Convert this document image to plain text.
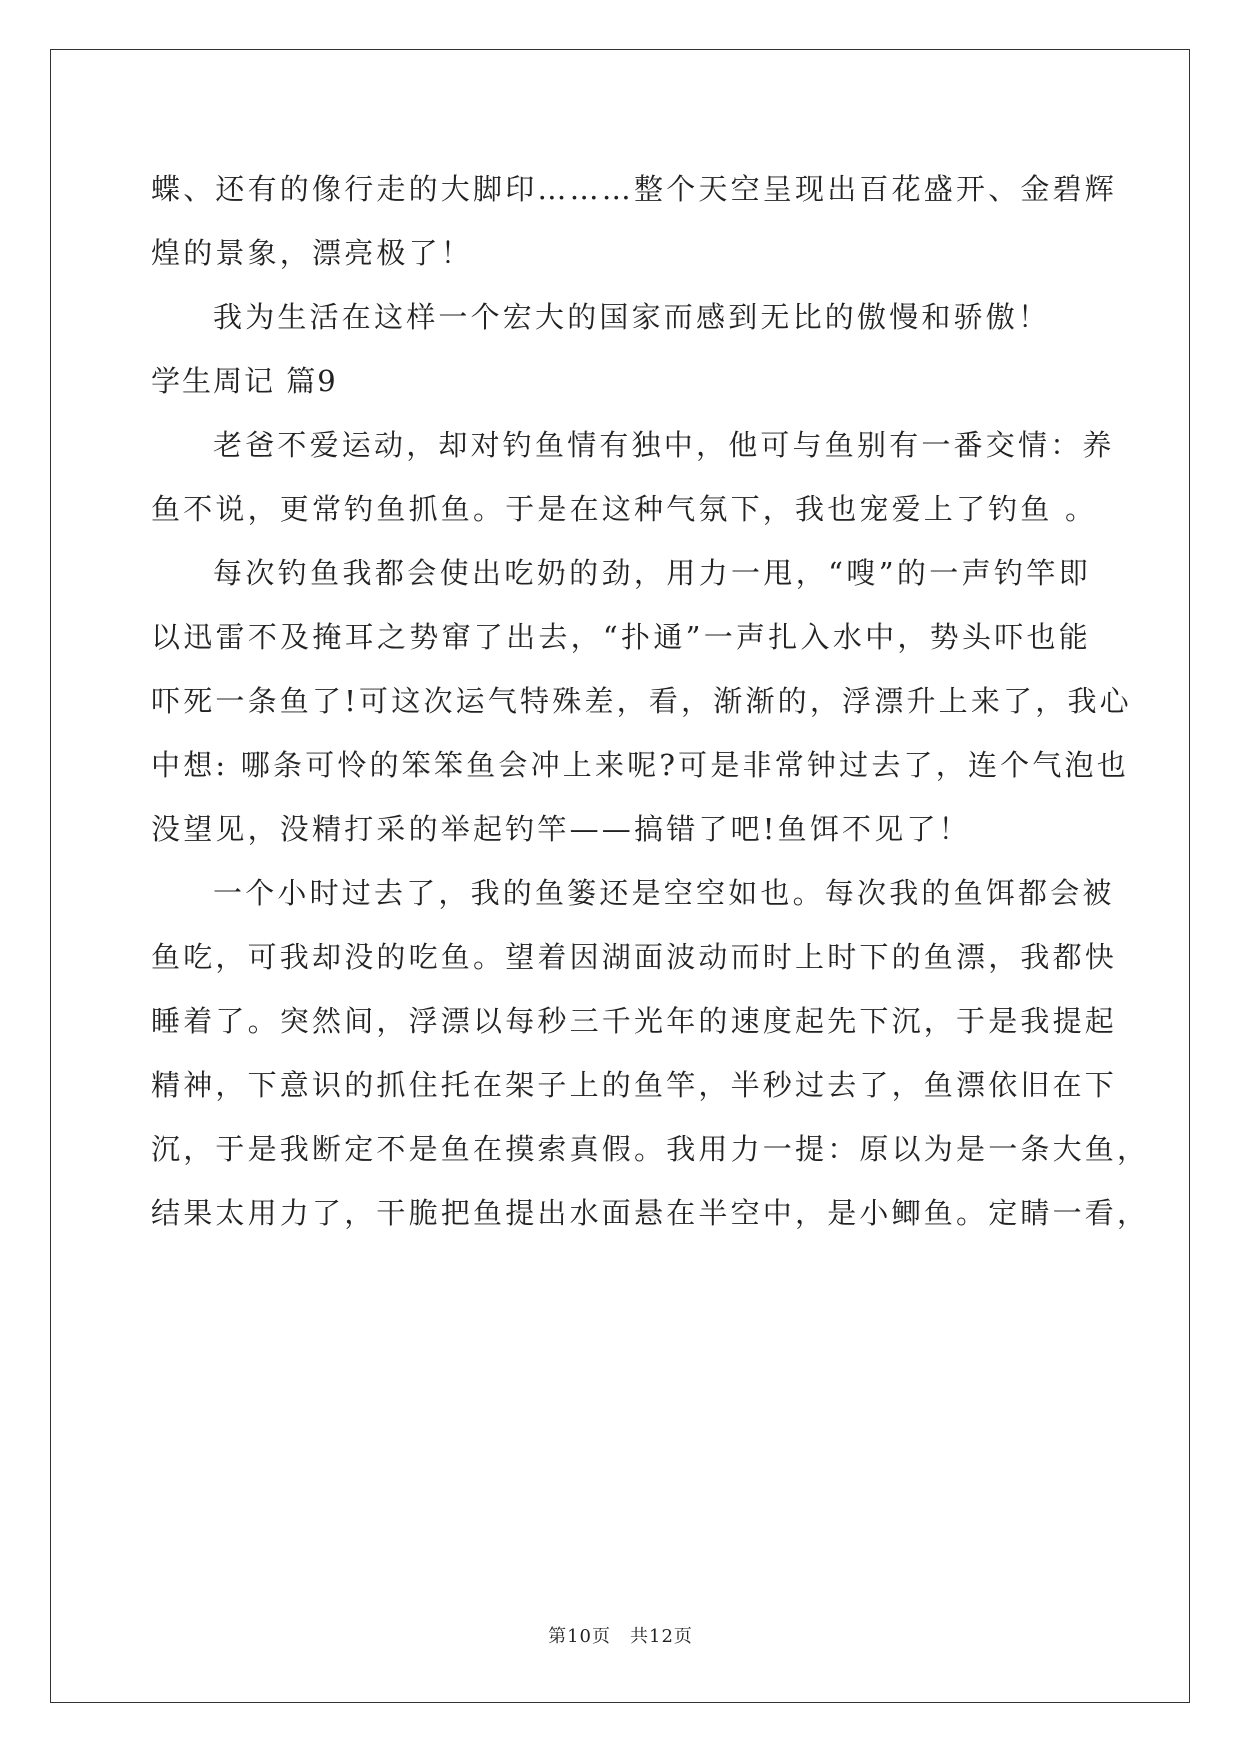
蝶、还有的像行走的大脚印………整个天空呈现出百花盛开、金碧辉
煌的景象，漂亮极了！
我为生活在这样一个宏大的国家而感到无比的傲慢和骄傲！
学生周记 篇9
老爸不爱运动，却对钓鱼情有独中，他可与鱼别有一番交情：养
鱼不说，更常钓鱼抓鱼。于是在这种气氛下，我也宠爱上了钓鱼 。
每次钓鱼我都会使出吃奶的劲，用力一甩，“嗖”的一声钓竿即
以迅雷不及掩耳之势窜了出去，“扑通”一声扎入水中，势头吓也能
吓死一条鱼了!可这次运气特殊差，看，渐渐的，浮漂升上来了，我心
中想: 哪条可怜的笨笨鱼会冲上来呢?可是非常钟过去了，连个气泡也
没望见，没精打采的举起钓竿——搞错了吧!鱼饵不见了！
一个小时过去了，我的鱼篓还是空空如也。每次我的鱼饵都会被
鱼吃，可我却没的吃鱼。望着因湖面波动而时上时下的鱼漂，我都快
睡着了。突然间，浮漂以每秒三千光年的速度起先下沉，于是我提起
精神，下意识的抓住托在架子上的鱼竿，半秒过去了，鱼漂依旧在下
沉，于是我断定不是鱼在摸索真假。我用力一提：原以为是一条大鱼，
结果太用力了，干脆把鱼提出水面悬在半空中，是小鲫鱼。定睛一看，
第10页　共12页
